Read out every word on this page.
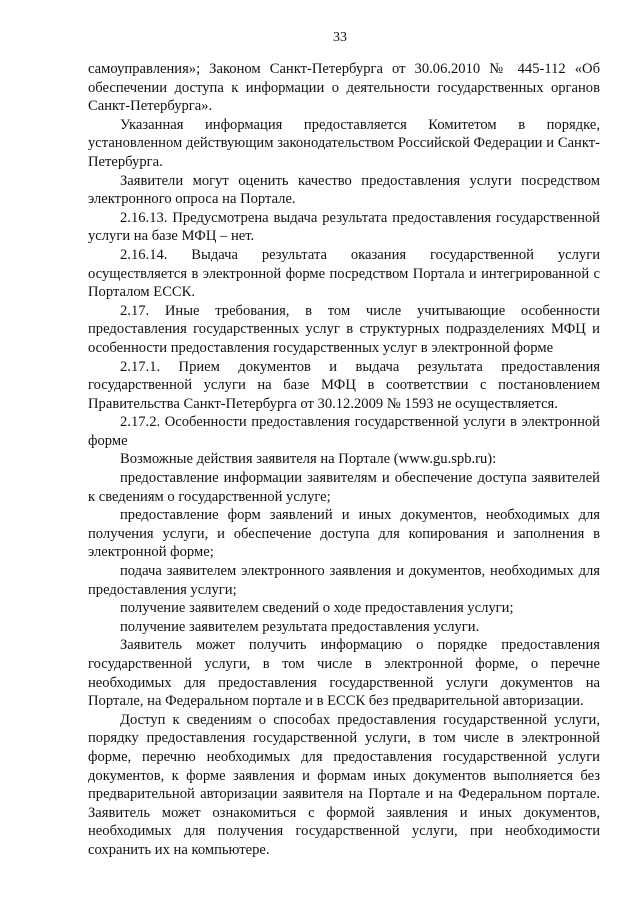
33

самоуправления»; Законом Санкт-Петербурга от 30.06.2010 № 445-112 «Об обеспечении доступа к информации о деятельности государственных органов Санкт-Петербурга».

Указанная информация предоставляется Комитетом в порядке, установленном действующим законодательством Российской Федерации и Санкт-Петербурга.

Заявители могут оценить качество предоставления услуги посредством электронного опроса на Портале.

2.16.13. Предусмотрена выдача результата предоставления государственной услуги на базе МФЦ – нет.

2.16.14. Выдача результата оказания государственной услуги осуществляется в электронной форме посредством Портала и интегрированной с Порталом ЕССК.

2.17. Иные требования, в том числе учитывающие особенности предоставления государственных услуг в структурных подразделениях МФЦ и особенности предоставления государственных услуг в электронной форме

2.17.1. Прием документов и выдача результата предоставления государственной услуги на базе МФЦ в соответствии с постановлением Правительства Санкт-Петербурга от 30.12.2009 № 1593 не осуществляется.

2.17.2. Особенности предоставления государственной услуги в электронной форме

Возможные действия заявителя на Портале (www.gu.spb.ru):

предоставление информации заявителям и обеспечение доступа заявителей к сведениям о государственной услуге;

предоставление форм заявлений и иных документов, необходимых для получения услуги, и обеспечение доступа для копирования и заполнения в электронной форме;

подача заявителем электронного заявления и документов, необходимых для предоставления услуги;

получение заявителем сведений о ходе предоставления услуги;

получение заявителем результата предоставления услуги.

Заявитель может получить информацию о порядке предоставления государственной услуги, в том числе в электронной форме, о перечне необходимых для предоставления государственной услуги документов на Портале, на Федеральном портале и в ЕССК без предварительной авторизации.

Доступ к сведениям о способах предоставления государственной услуги, порядку предоставления государственной услуги, в том числе в электронной форме, перечню необходимых для предоставления государственной услуги документов, к форме заявления и формам иных документов выполняется без предварительной авторизации заявителя на Портале и на Федеральном портале. Заявитель может ознакомиться с формой заявления и иных документов, необходимых для получения государственной услуги, при необходимости сохранить их на компьютере.
